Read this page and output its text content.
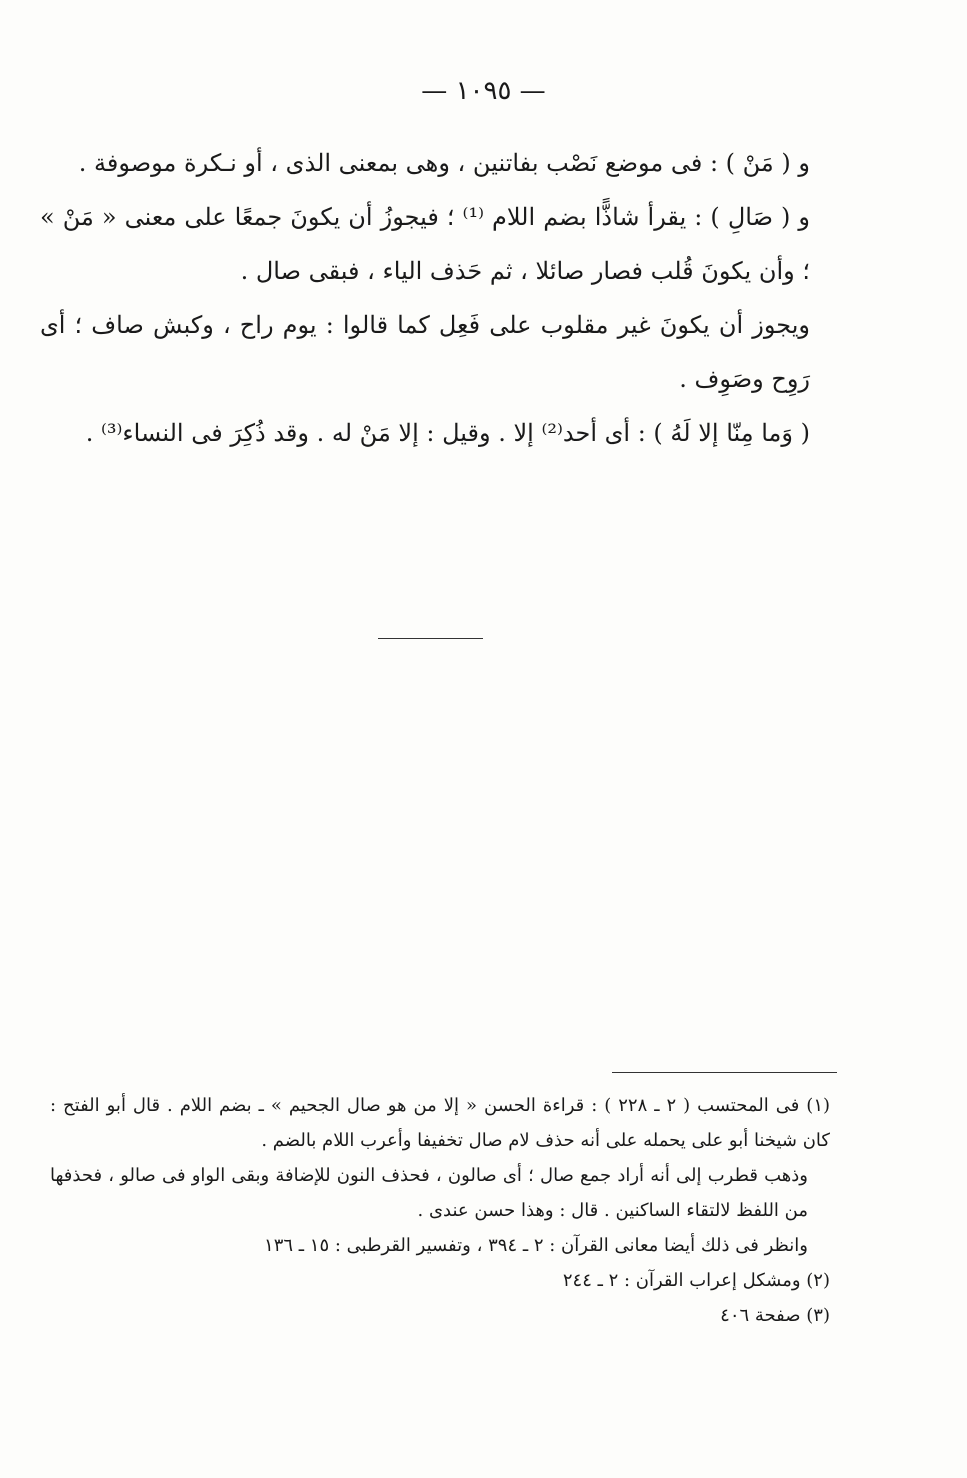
— ١٠٩٥ —

و ( مَنْ ) : فى موضع نَصْب بفاتنين ، وهى بمعنى الذى ، أو نـكرة موصوفة .

و ( صَالِ ) : يقرأ شاذًّا بضم اللام ⁽¹⁾ ؛ فيجوزُ أن يكونَ جمعًا على معنى « مَنْ » ؛ وأن يكونَ قُلب فصار صائلا ، ثم حَذف الياء ، فبقى صال .

ويجوز أن يكونَ غير مقلوب على فَعِل كما قالوا : يوم راح ، وكبش صاف ؛ أى رَوِح وصَوِف .

( وَما مِنّا إلا لَهُ ) : أى أحد⁽²⁾ إلا . وقيل : إلا مَنْ له . وقد ذُكِرَ فى النساء⁽³⁾ .

(١) فى المحتسب ( ٢ ـ ٢٢٨ ) : قراءة الحسن « إلا من هو صال الجحيم » ـ بضم اللام . قال أبو الفتح : كان شيخنا أبو على يحمله على أنه حذف لام صال تخفيفا وأعرب اللام بالضم .

وذهب قطرب إلى أنه أراد جمع صال ؛ أى صالون ، فحذف النون للإضافة وبقى الواو فى صالو ، فحذفها من اللفظ لالتقاء الساكنين . قال : وهذا حسن عندى .

وانظر فى ذلك أيضا معانى القرآن : ٢ ـ ٣٩٤ ، وتفسير القرطبى : ١٥ ـ ١٣٦

(٢) ومشكل إعراب القرآن : ٢ ـ ٢٤٤

(٣) صفحة ٤٠٦
